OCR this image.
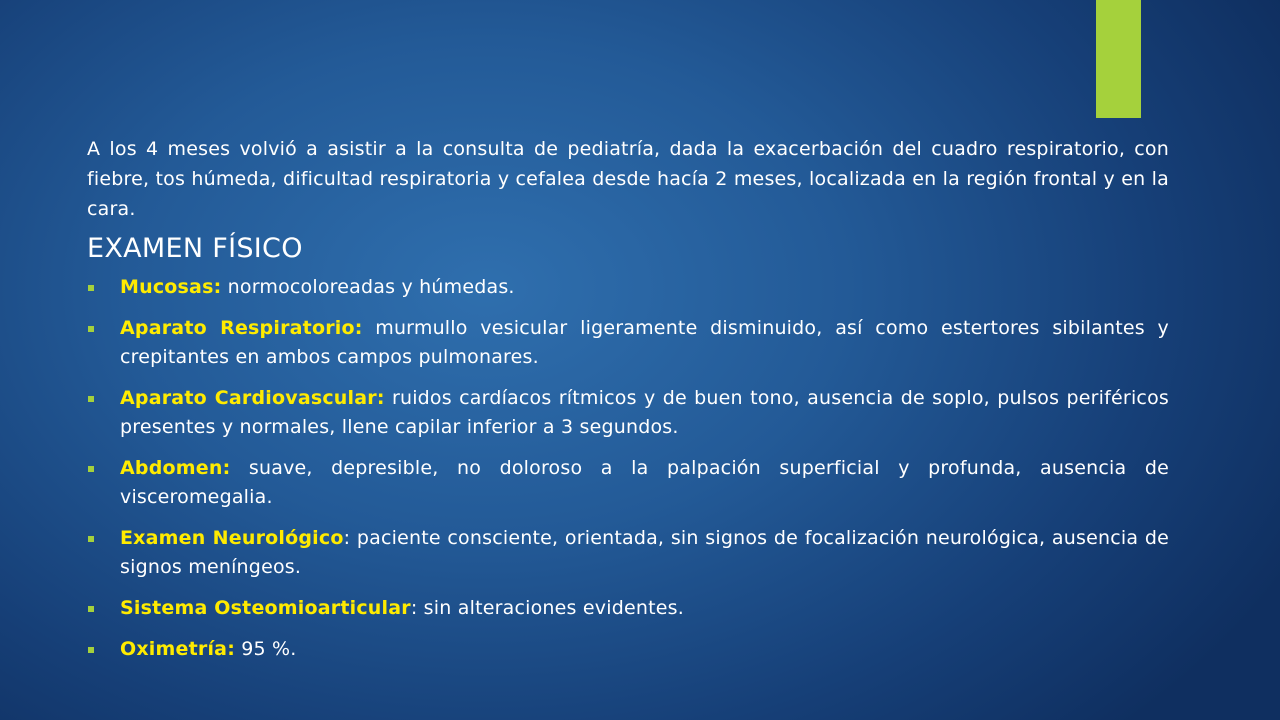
A los 4 meses volvió a asistir a la consulta de pediatría, dada la exacerbación del cuadro respiratorio, con fiebre, tos húmeda, dificultad respiratoria y cefalea desde hacía 2 meses, localizada en la región frontal y en la cara.

EXAMEN FÍSICO
Mucosas: normocoloreadas y húmedas.
Aparato Respiratorio: murmullo vesicular ligeramente disminuido, así como estertores sibilantes y crepitantes en ambos campos pulmonares.
Aparato Cardiovascular: ruidos cardíacos rítmicos y de buen tono, ausencia de soplo, pulsos periféricos presentes y normales, llene capilar inferior a 3 segundos.
Abdomen: suave, depresible, no doloroso a la palpación superficial y profunda, ausencia de visceromegalia.
Examen Neurológico: paciente consciente, orientada, sin signos de focalización neurológica, ausencia de signos meníngeos.
Sistema Osteomioarticular: sin alteraciones evidentes.
Oximetría: 95 %.
